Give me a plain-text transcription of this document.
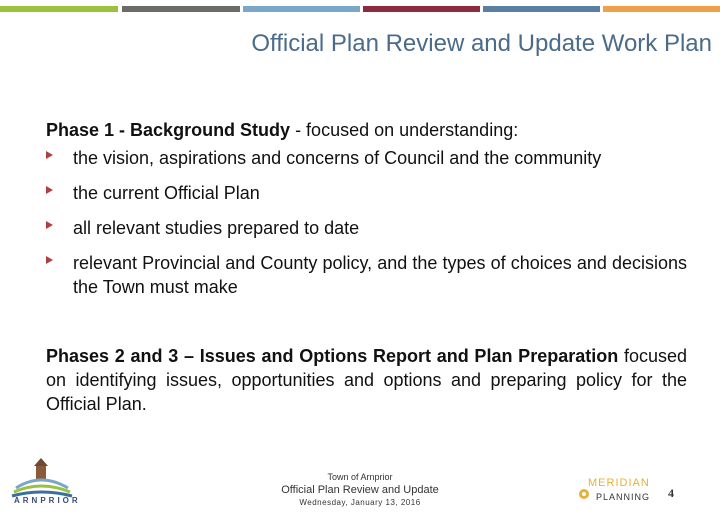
Official Plan Review and Update Work Plan

Phase 1 - Background Study - focused on understanding:

the vision, aspirations and concerns of Council and the community
the current Official Plan
all relevant studies prepared to date
relevant Provincial and County policy, and the types of choices and decisions the Town must make

Phases 2 and 3 – Issues and Options Report and Plan Preparation focused on identifying issues, opportunities and options and preparing policy for the Official Plan.

ARNPRIOR
Town of Arnprior
Official Plan Review and Update
Wednesday, January 13, 2016
MERIDIAN
PLANNING 4
